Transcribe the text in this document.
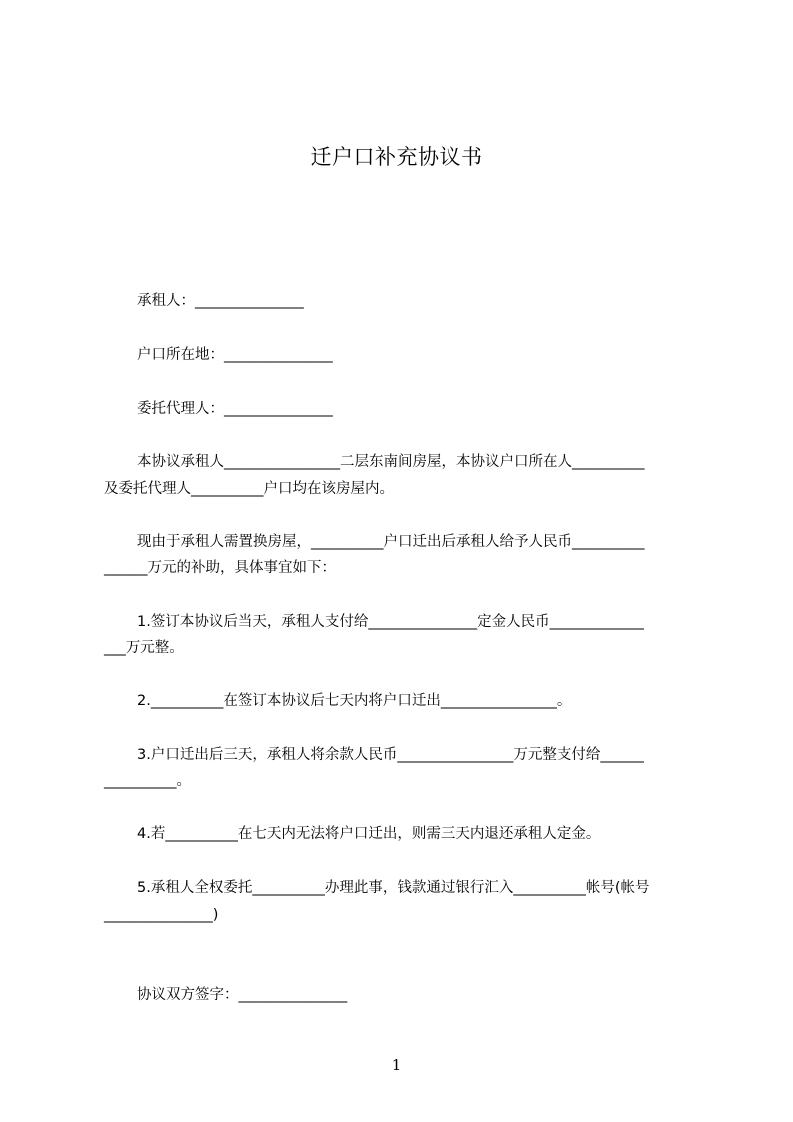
迁户口补充协议书
承租人：_______________
户口所在地：_______________
委托代理人：_______________
本协议承租人________________二层东南间房屋，本协议户口所在人__________
及委托代理人__________户口均在该房屋内。
现由于承租人需置换房屋，__________户口迁出后承租人给予人民币__________
______万元的补助，具体事宜如下：
1.签订本协议后当天，承租人支付给_______________定金人民币_____________
___万元整。
2.__________在签订本协议后七天内将户口迁出________________。
3.户口迁出后三天，承租人将余款人民币________________万元整支付给______
__________。
4.若__________在七天内无法将户口迁出，则需三天内退还承租人定金。
5.承租人全权委托__________办理此事，钱款通过银行汇入__________帐号(帐号
_______________)
协议双方签字：_______________
1
